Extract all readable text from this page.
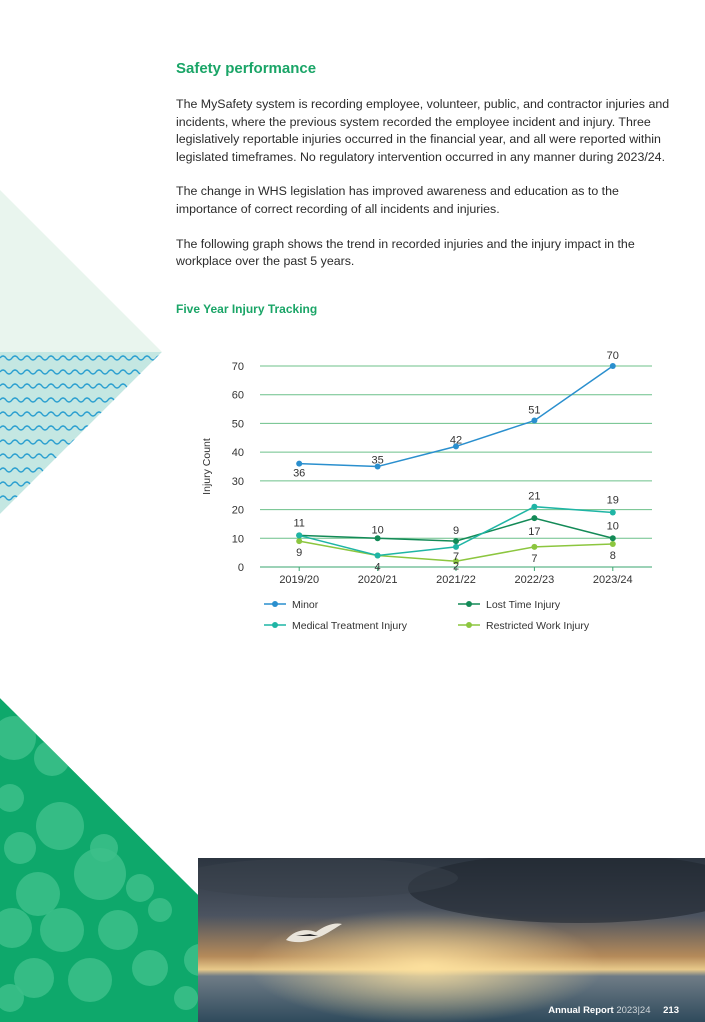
Safety performance

The MySafety system is recording employee, volunteer, public, and contractor injuries and incidents, where the previous system recorded the employee incident and injury. Three legislatively reportable injuries occurred in the financial year, and all were reported within legislated timeframes. No regulatory intervention occurred in any manner during 2023/24.

The change in WHS legislation has improved awareness and education as to the importance of correct recording of all incidents and injuries.

The following graph shows the trend in recorded injuries and the injury impact in the workplace over the past 5 years.

Five Year Injury Tracking
0
10
20
30
40
50
60
70
2019/20	2020/21	2021/22	2022/23	2023/24
Injury Count	36
35
42
51
70
11
10	9	17	10
4
7
21	19
9
2
7	8
Minor	Lost Time Injury
Medical Treatment Injury	Restricted Work Injury
Annual Report 2023|24 213
